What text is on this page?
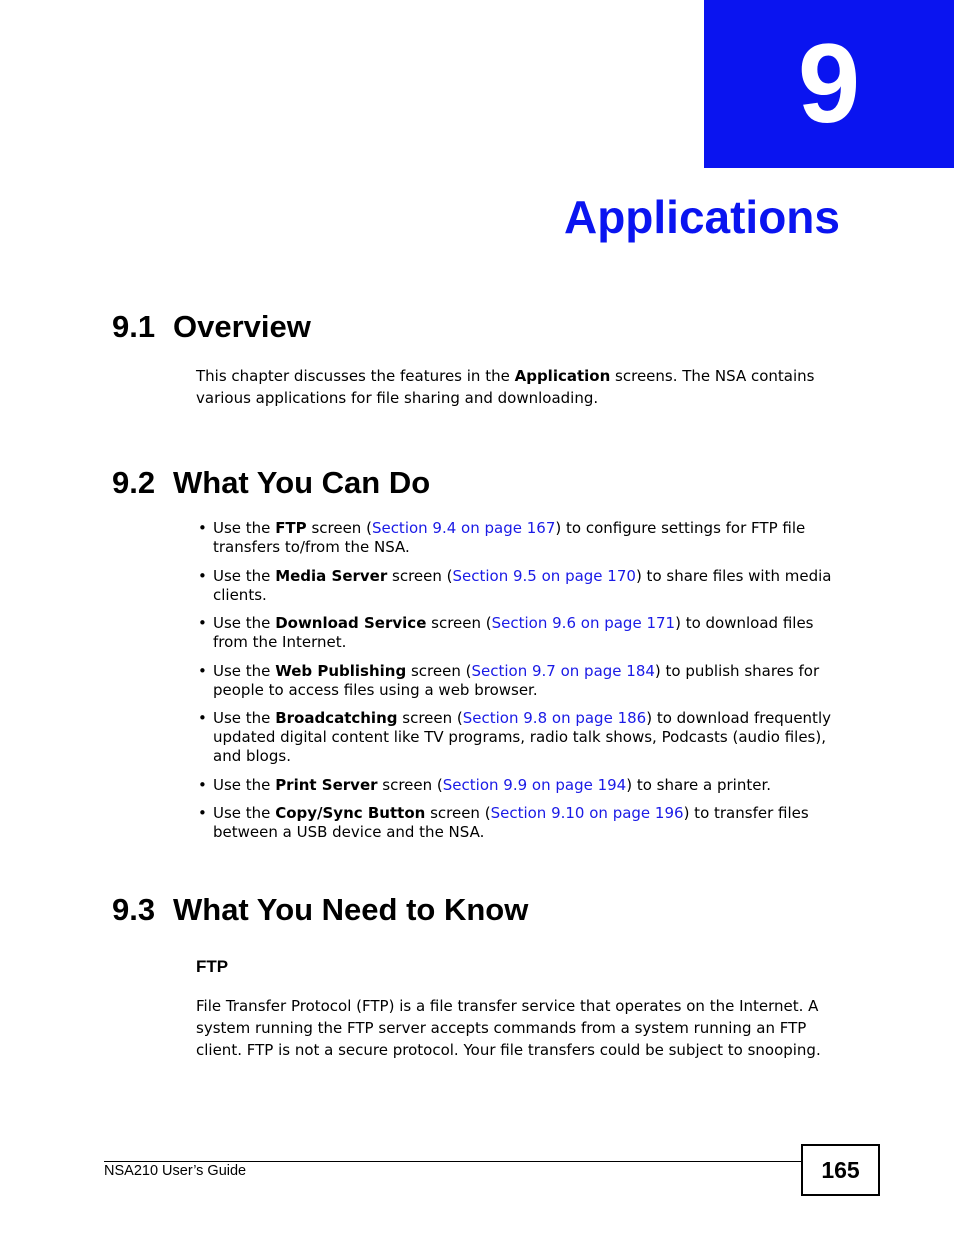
9
Applications
9.1 Overview

This chapter discusses the features in the Application screens. The NSA contains various applications for file sharing and downloading.

9.2 What You Can Do
• Use the FTP screen (Section 9.4 on page 167) to configure settings for FTP file transfers to/from the NSA.
• Use the Media Server screen (Section 9.5 on page 170) to share files with media clients.
• Use the Download Service screen (Section 9.6 on page 171) to download files from the Internet.
• Use the Web Publishing screen (Section 9.7 on page 184) to publish shares for people to access files using a web browser.
• Use the Broadcatching screen (Section 9.8 on page 186) to download frequently updated digital content like TV programs, radio talk shows, Podcasts (audio files), and blogs.
• Use the Print Server screen (Section 9.9 on page 194) to share a printer.
• Use the Copy/Sync Button screen (Section 9.10 on page 196) to transfer files between a USB device and the NSA.
9.3 What You Need to Know
FTP

File Transfer Protocol (FTP) is a file transfer service that operates on the Internet. A system running the FTP server accepts commands from a system running an FTP client. FTP is not a secure protocol. Your file transfers could be subject to snooping.

NSA210 User’s Guide	165
